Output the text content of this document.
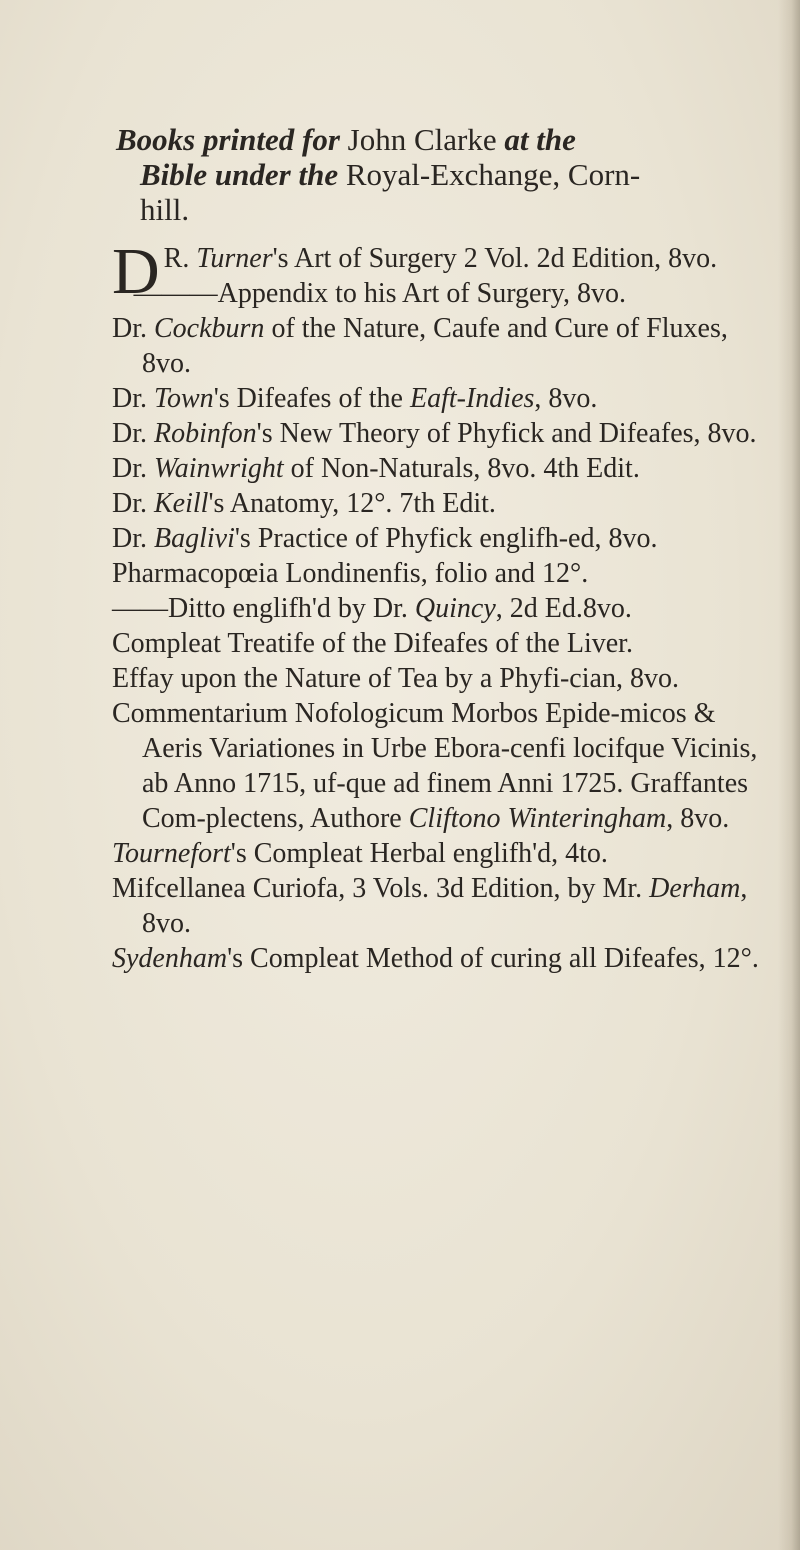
Books printed for John Clarke at the

Bible under the Royal-Exchange, Corn-
hill.

D R. Turner's Art of Surgery 2 Vol. 2d Edition, 8vo.

———Appendix to his Art of Surgery, 8vo.

Dr. Cockburn of the Nature, Caufe and Cure of Fluxes, 8vo.

Dr. Town's Difeafes of the Eaft-Indies, 8vo.

Dr. Robinfon's New Theory of Phyfick and Difeafes, 8vo.

Dr. Wainwright of Non-Naturals, 8vo. 4th Edit.

Dr. Keill's Anatomy, 12°. 7th Edit.

Dr. Baglivi's Practice of Phyfick englifh-ed, 8vo.

Pharmacopœia Londinenfis, folio and 12°.

——Ditto englifh'd by Dr. Quincy, 2d Ed.8vo.

Compleat Treatife of the Difeafes of the Liver.

Effay upon the Nature of Tea by a Phyfi-cian, 8vo.

Commentarium Nofologicum Morbos Epide-micos & Aeris Variationes in Urbe Ebora-cenfi locifque Vicinis, ab Anno 1715, uf-que ad finem Anni 1725. Graffantes Com-plectens, Authore Cliftono Winteringham, 8vo.

Tournefort's Compleat Herbal englifh'd, 4to.

Mifcellanea Curiofa, 3 Vols. 3d Edition, by Mr. Derham, 8vo.

Sydenham's Compleat Method of curing all Difeafes, 12°.
